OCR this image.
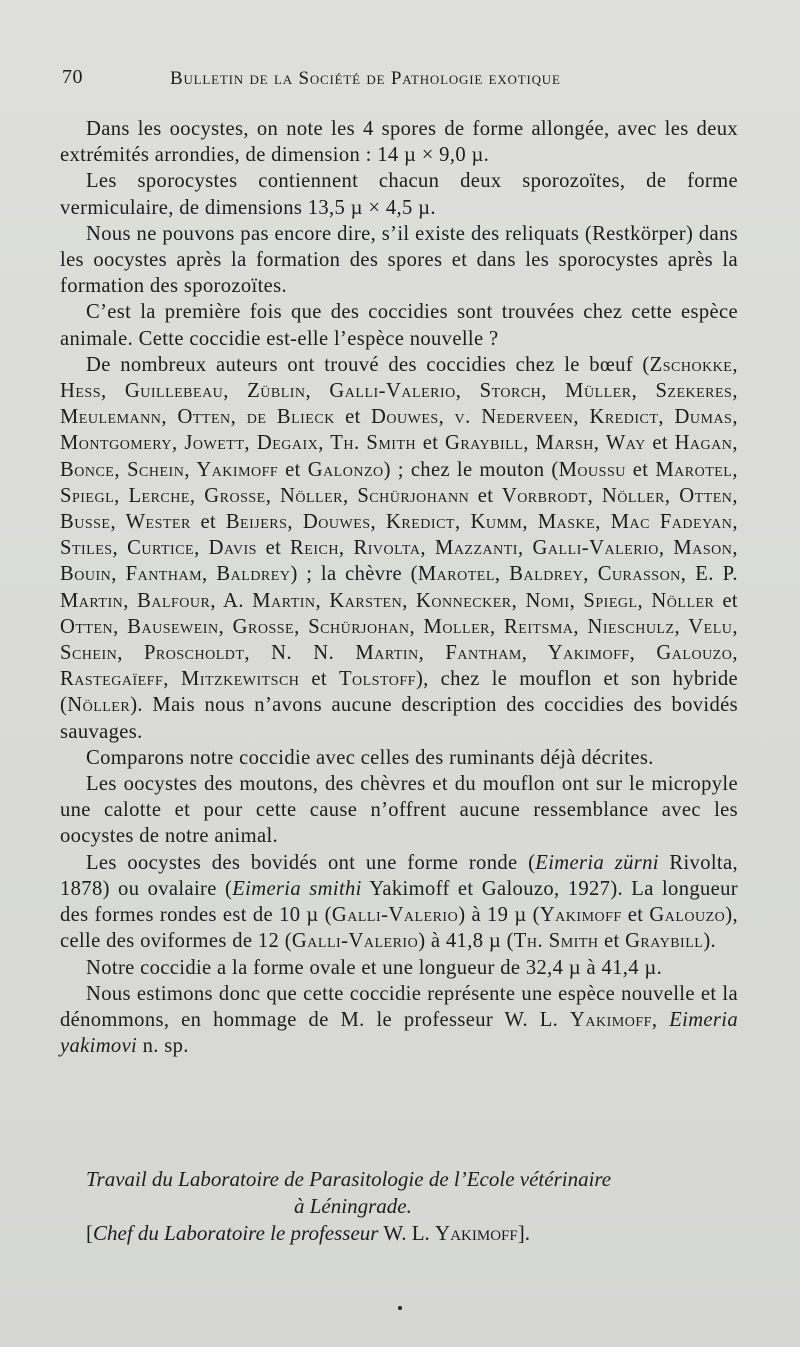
70	Bulletin de la Société de Pathologie exotique

Dans les oocystes, on note les 4 spores de forme allongée, avec les deux extrémités arrondies, de dimension : 14 µ × 9,0 µ.

Les sporocystes contiennent chacun deux sporozoïtes, de forme vermiculaire, de dimensions 13,5 µ × 4,5 µ.

Nous ne pouvons pas encore dire, s’il existe des reliquats (Restkörper) dans les oocystes après la formation des spores et dans les sporocystes après la formation des sporozoïtes.

C’est la première fois que des coccidies sont trouvées chez cette espèce animale. Cette coccidie est-elle l’espèce nouvelle ?

De nombreux auteurs ont trouvé des coccidies chez le bœuf (Zschokke, Hess, Guillebeau, Züblin, Galli-Valerio, Storch, Müller, Szekeres, Meulemann, Otten, de Blieck et Douwes, v. Nederveen, Kredict, Dumas, Montgomery, Jowett, Degaix, Th. Smith et Graybill, Marsh, Way et Hagan, Bonce, Schein, Yakimoff et Galonzo) ; chez le mouton (Moussu et Marotel, Spiegl, Lerche, Grosse, Nöller, Schürjohann et Vorbrodt, Nöller, Otten, Busse, Wester et Beijers, Douwes, Kredict, Kumm, Maske, Mac Fadeyan, Stiles, Curtice, Davis et Reich, Rivolta, Mazzanti, Galli-Valerio, Mason, Bouin, Fantham, Baldrey) ; la chèvre (Marotel, Baldrey, Curasson, E. P. Martin, Balfour, A. Martin, Karsten, Konnecker, Nomi, Spiegl, Nöller et Otten, Bausewein, Grosse, Schürjohan, Moller, Reitsma, Nieschulz, Velu, Schein, Proscholdt, N. N. Martin, Fantham, Yakimoff, Galouzo, Rastegaïeff, Mitzkewitsch et Tolstoff), chez le mouflon et son hybride (Nöller). Mais nous n’avons aucune description des coccidies des bovidés sauvages.

Comparons notre coccidie avec celles des ruminants déjà décrites.

Les oocystes des moutons, des chèvres et du mouflon ont sur le micropyle une calotte et pour cette cause n’offrent aucune ressemblance avec les oocystes de notre animal.

Les oocystes des bovidés ont une forme ronde (Eimeria zürni Rivolta, 1878) ou ovalaire (Eimeria smithi Yakimoff et Galouzo, 1927). La longueur des formes rondes est de 10 µ (Galli-Valerio) à 19 µ (Yakimoff et Galouzo), celle des oviformes de 12 (Galli-Valerio) à 41,8 µ (Th. Smith et Graybill).

Notre coccidie a la forme ovale et une longueur de 32,4 µ à 41,4 µ.

Nous estimons donc que cette coccidie représente une espèce nouvelle et la dénommons, en hommage de M. le professeur W. L. Yakimoff, Eimeria yakimovi n. sp.

Travail du Laboratoire de Parasitologie de l’Ecole vétérinaire
à Léningrade.
[Chef du Laboratoire le professeur W. L. Yakimoff].
